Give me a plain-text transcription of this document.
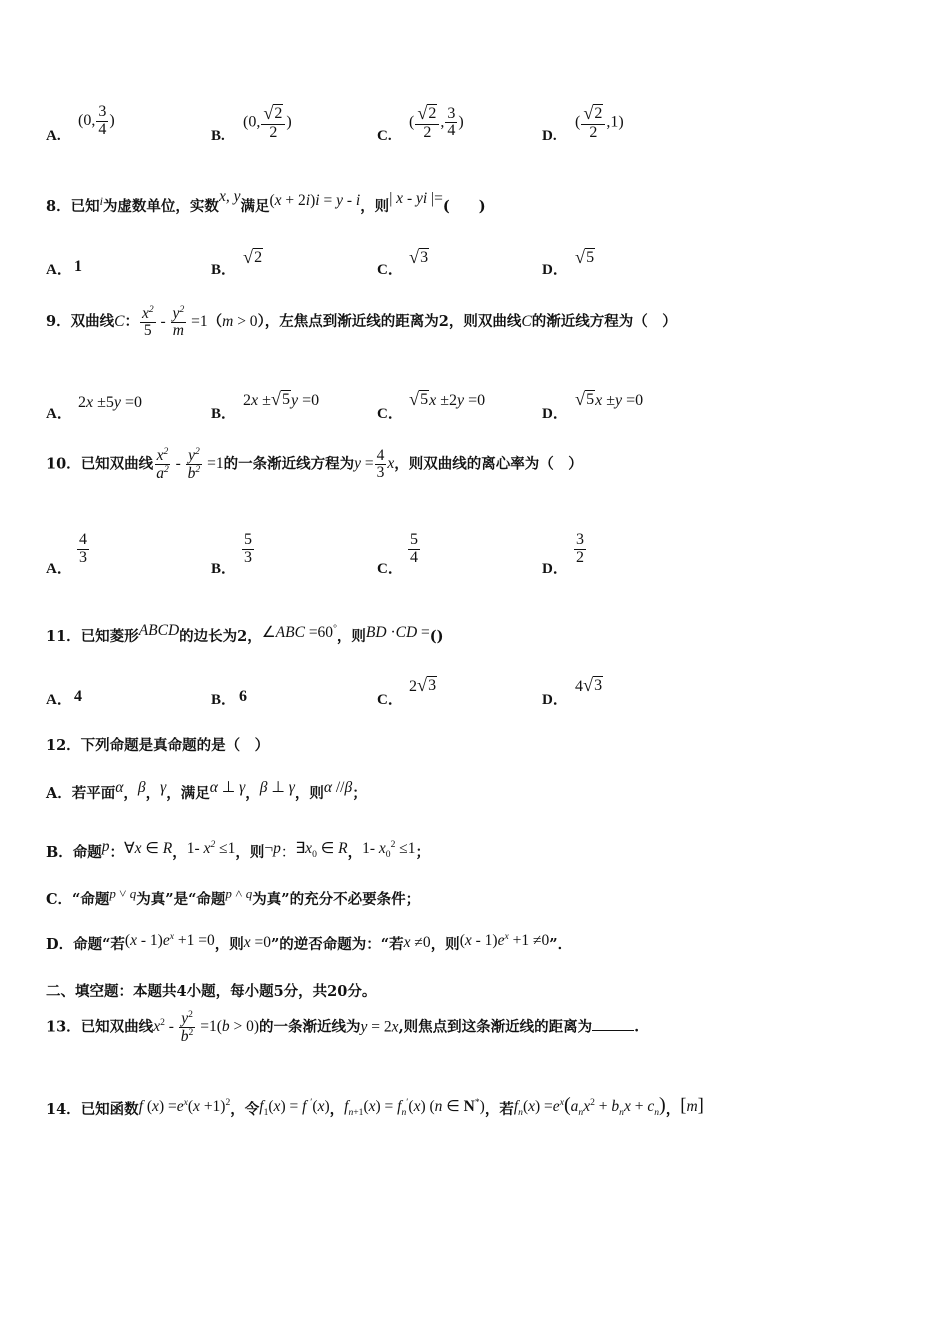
A.
(0, $\frac{3}{4}$ )
B.
(0, $\frac{√ 2}{2}$ )
C.
( $\frac{√ 2}{2}$ , $\frac{3}{4}$ )
D.
( $\frac{√ 2}{2} ,1$)
8．已知$^i$为虚数单位，实数x, y满足(x + 2i)i = y - i，则| x - yi |=(　　)
A． 1	B．
√ 2
C．
√ 3
D．
√ 5
9．双曲线C： $\frac{x^2}{5} - \frac{y^2}{m} =1(m > 0)$，左焦点到渐近线的距离为2，则双曲线C的渐近线方程为（　）
A．
2x ±5y =0
B．
2x ± √ 5 y =0
C．
√ 5 x ±2y =0
D．
√ 5 x ±y =0
10．已知双曲线 $\frac{x^2}{a^2} - \frac{y^2}{b^2} =1$的一条渐近线方程为$y = \frac{4}{3}$ x，则双曲线的离心率为（　）
A．
$\frac{4}{3}$
B．
$\frac{5}{3}$
C．
$\frac{5}{4}$
D．
$\frac{3}{2}$
11．已知菱形ABCD的边长为2，∠ABC =60°，则BD ·CD =()
A． 4	B． 6	C．
2 √ 3
D．
4 √ 3
12．下列命题是真命题的是（　）
A．若平面α，β，γ，满足α ⊥ γ，β ⊥ γ，则α //β；
B．命题p：∀x ∈ R，1- $x^2 \le 1$，则¬p：$\exists x_0$ ∈ R，1- $x_0^2 \le 1$；
C．“命题p ˅ q为真”是“命题p ˄ q为真”的充分不必要条件；
D．命题“若$(x - 1)e^x +1 =0$，则x =0”的逆否命题为：“若x ≠0，则$(x - 1)e^x +1 \ne 0$”．
二、填空题：本题共4小题，每小题5分，共20分。
13．已知双曲线$x^2 - \frac{y^2}{b^2} =1(b > 0)$的一条渐近线为y = 2x,则焦点到这条渐近线的距离为	.
14．已知函数f $(x) =e^x(x +1)^2$，令$f_1(x) = f$ ′(x)，$f_{n+1}(x) = f_n'(x)$ (n ∈ N*)，若$f_n(x) =e^x(a_nx^2 + b_nx + c_n)$，[m]
